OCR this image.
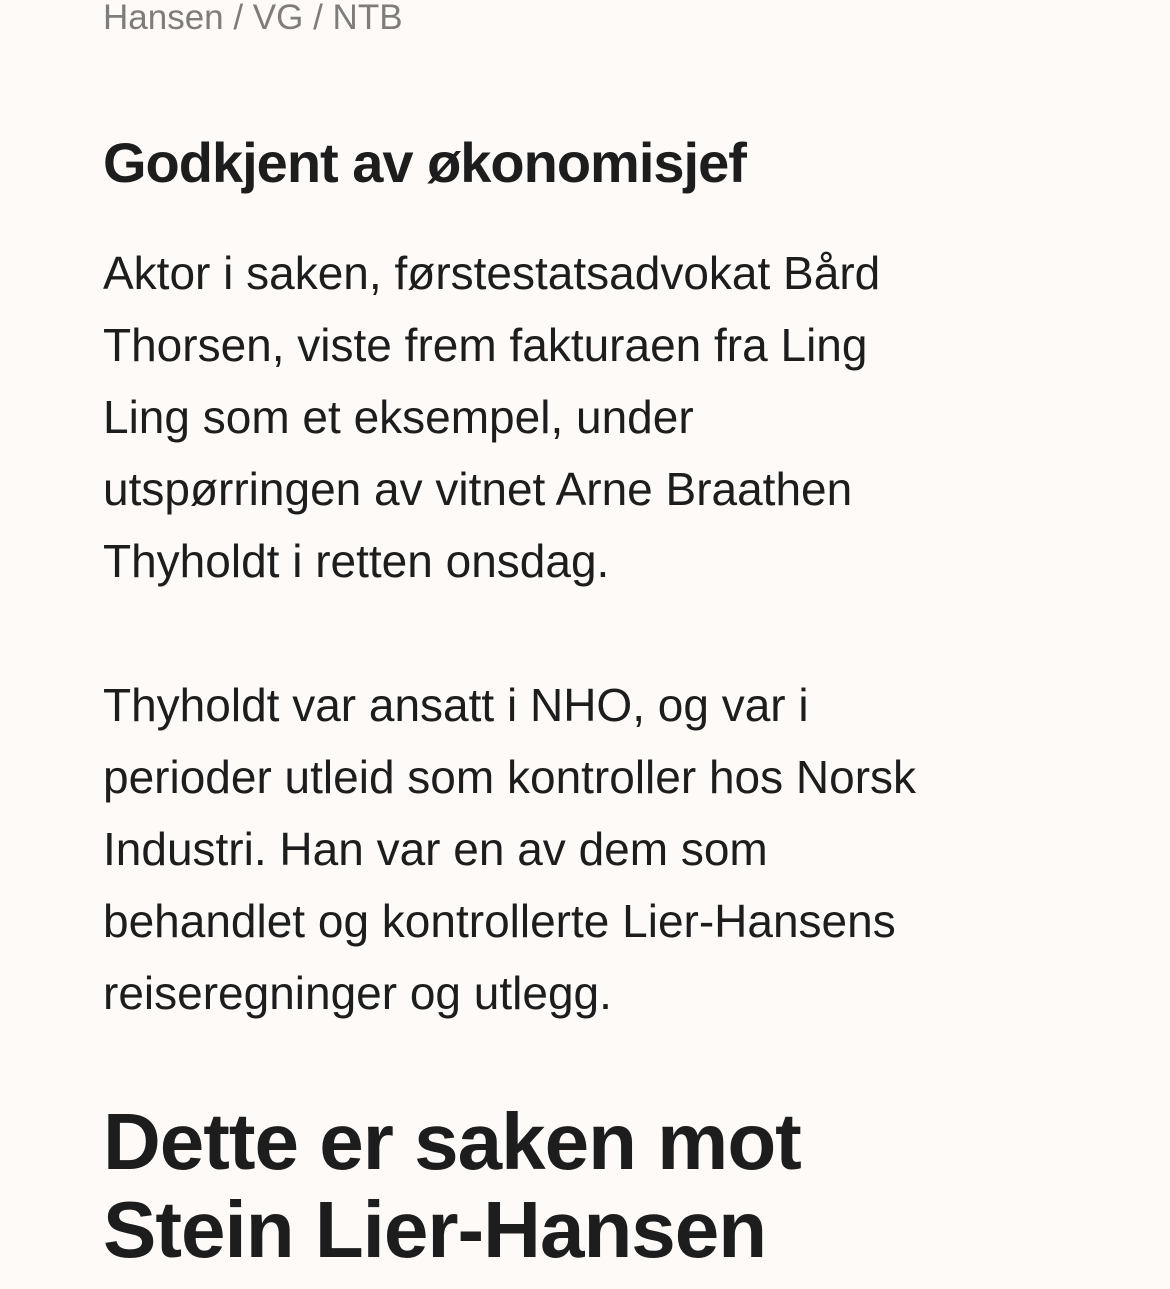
Hansen / VG / NTB

Godkjent av økonomisjef

Aktor i saken, førstestatsadvokat Bård
Thorsen, viste frem fakturaen fra Ling
Ling som et eksempel, under
utspørringen av vitnet Arne Braathen
Thyholdt i retten onsdag.

Thyholdt var ansatt i NHO, og var i
perioder utleid som kontroller hos Norsk
Industri. Han var en av dem som
behandlet og kontrollerte Lier-Hansens
reiseregninger og utlegg.

Dette er saken mot
Stein Lier-Hansen
